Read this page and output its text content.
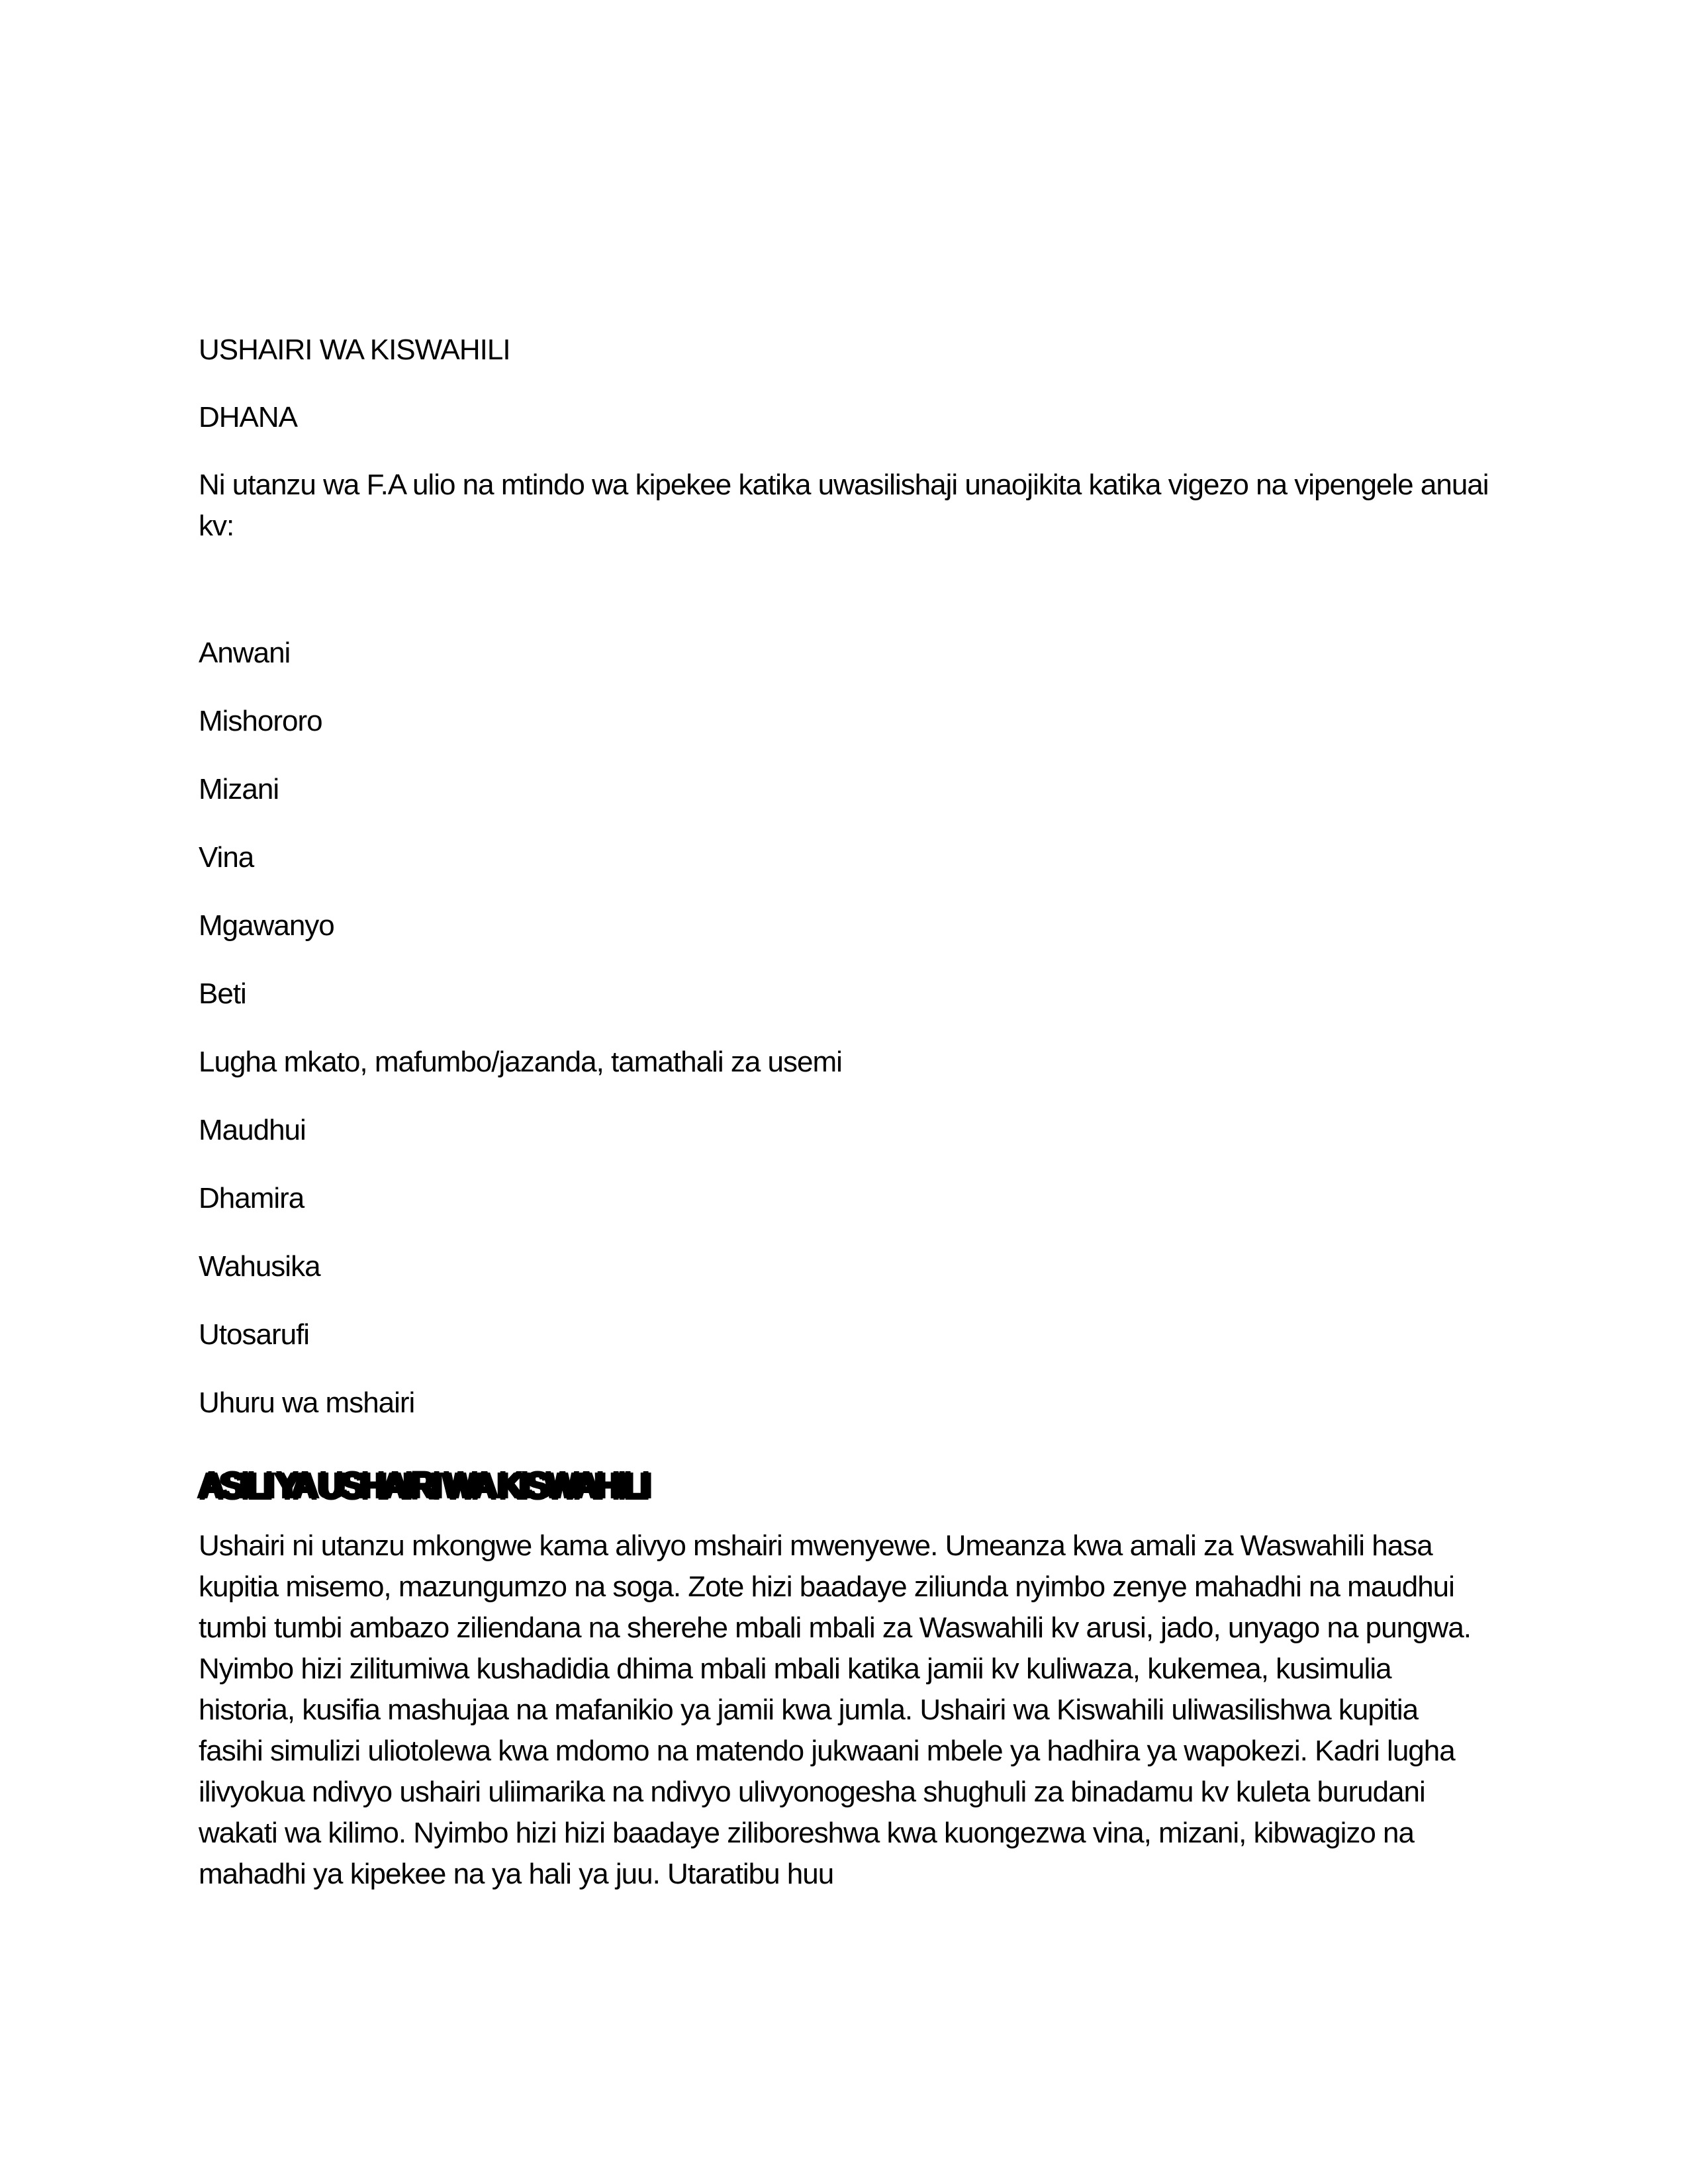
USHAIRI WA KISWAHILI

DHANA

Ni utanzu wa F.A ulio na mtindo wa kipekee katika uwasilishaji unaojikita katika vigezo na vipengele anuai kv:

Anwani
Mishororo
Mizani
Vina
Mgawanyo
Beti
Lugha mkato, mafumbo/jazanda, tamathali za usemi
Maudhui
Dhamira
Wahusika
Utosarufi
Uhuru wa mshairi
ASILI YA USHAIRI WA KISWAHILI

Ushairi ni utanzu mkongwe kama alivyo mshairi mwenyewe. Umeanza kwa amali za Waswahili hasa kupitia misemo, mazungumzo na soga. Zote hizi baadaye ziliunda nyimbo zenye mahadhi na maudhui tumbi tumbi ambazo ziliendana na sherehe mbali mbali za Waswahili kv arusi, jado, unyago na pungwa. Nyimbo hizi zilitumiwa kushadidia dhima mbali mbali katika jamii kv kuliwaza, kukemea, kusimulia historia, kusifia mashujaa na mafanikio ya jamii kwa jumla. Ushairi wa Kiswahili uliwasilishwa kupitia fasihi simulizi uliotolewa kwa mdomo na matendo jukwaani mbele ya hadhira ya wapokezi. Kadri lugha ilivyokua ndivyo ushairi uliimarika na ndivyo ulivyonogesha shughuli za binadamu kv kuleta burudani wakati wa kilimo. Nyimbo hizi hizi baadaye ziliboreshwa kwa kuongezwa vina, mizani, kibwagizo na mahadhi ya kipekee na ya hali ya juu. Utaratibu huu
